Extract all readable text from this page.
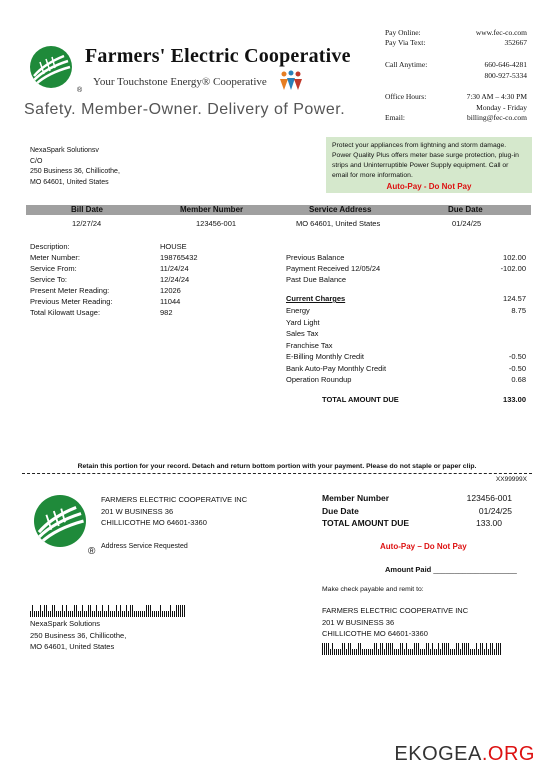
®
Farmers' Electric Cooperative
Your Touchstone Energy® Cooperative
Safety. Member-Owner. Delivery of Power.
Pay Online:	www.fec-co.com
Pay Via Text:	352667
Call Anytime:	660-646-4281
800-927-5334
Office Hours:	7:30 AM – 4:30 PM
Monday - Friday
Email:	billing@fec-co.com
Protect your appliances from lightning and storm damage. Power Quality Plus offers meter base surge protection, plug-in strips and Uninterruptible Power Supply equipment. Call or email for more information.
Auto-Pay - Do Not Pay
NexaSpark Solutionsv
C/O
250 Business 36, Chillicothe,
MO 64601, United States
Bill Date	Member Number	Service Address	Due Date
12/27/24	123456-001	MO 64601, United States	01/24/25
Description:	HOUSE
Meter Number:	198765432
Service From:	11/24/24
Service To:	12/24/24
Present Meter Reading:	12026
Previous Meter Reading:	11044
Total Kilowatt Usage:	982
Previous Balance	102.00
Payment Received 12/05/24	-102.00
Past Due Balance
Current Charges	124.57
Energy	8.75
Yard Light
Sales Tax
Franchise Tax
E-Billing Monthly Credit	-0.50
Bank Auto-Pay Monthly Credit	-0.50
Operation Roundup	0.68
TOTAL AMOUNT DUE	133.00
Retain this portion for your record. Detach and return bottom portion with your payment. Please do not staple or paper clip.
XX99999X
®
FARMERS ELECTRIC COOPERATIVE INC
201 W BUSINESS 36
CHILLICOTHE MO 64601-3360
Address Service Requested
Member Number	123456-001
Due Date	01/24/25
TOTAL AMOUNT DUE	133.00
Auto-Pay – Do Not Pay
Amount Paid ____________________
Make check payable and remit to:
NexaSpark Solutions
250 Business 36, Chillicothe,
MO 64601, United States
FARMERS ELECTRIC COOPERATIVE INC
201 W BUSINESS 36
CHILLICOTHE MO 64601-3360
EKOGEA.ORG
